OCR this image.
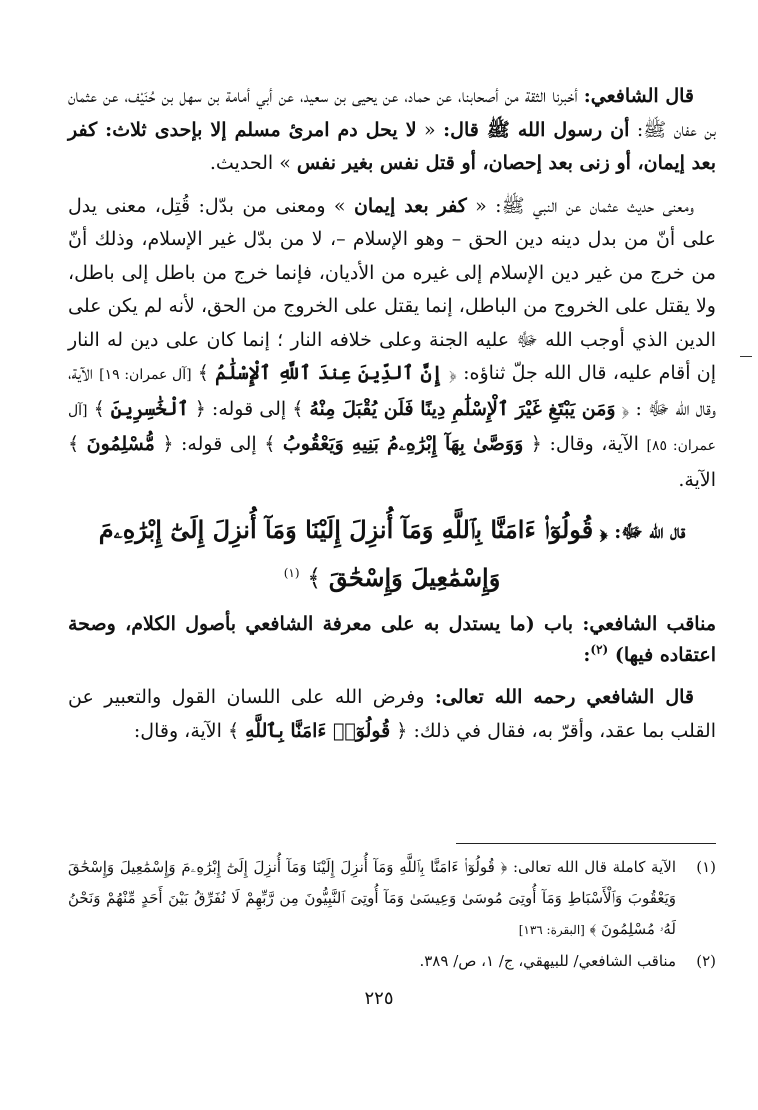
قال الشافعي: أخبرنا الثقة من أصحابنا، عن حماد، عن يحيى بن سعيد، عن أبي أمامة بن سهل بن حُنَيْف، عن عثمان بن عفان ﷺ: أن رسول الله ﷺ قال: « لا يحل دم امرئ مسلم إلا بإحدى ثلاث: كفر بعد إيمان، أو زنى بعد إحصان، أو قتل نفس بغير نفس » الحديث.

ومعنى حديث عثمان عن النبي ﷺ: « كفر بعد إيمان » ومعنى من بدّل: قُتِل، معنى يدل على أنّ من بدل دينه دين الحق – وهو الإسلام –، لا من بدّل غير الإسلام، وذلك أنّ من خرج من غير دين الإسلام إلى غيره من الأديان، فإنما خرج من باطل إلى باطل، ولا يقتل على الخروج من الباطل، إنما يقتل على الخروج من الحق، لأنه لم يكن على الدين الذي أوجب الله ﷻ عليه الجنة وعلى خلافه النار ؛ إنما كان على دين له النار إن أقام عليه، قال الله جلّ ثناؤه: ﴿ إِنَّ ٱلدِّينَ عِندَ ٱللَّهِ ٱلْإِسْلَٰمُ ﴾ [آل عمران: ١٩] الآية، وقال الله ﷻ : ﴿ وَمَن يَبْتَغِ غَيْرَ ٱلْإِسْلَٰمِ دِينًا فَلَن يُقْبَلَ مِنْهُ ﴾ إلى قوله: ﴿ ٱلْخَٰسِرِينَ ﴾ [آل عمران: ٨٥] الآية، وقال: ﴿ وَوَصَّىٰ بِهَآ إِبْرَٰهِۦمُ بَنِيهِ وَيَعْقُوبُ ﴾ إلى قوله: ﴿ مُّسْلِمُونَ ﴾ الآية.

قال الله ﷻ: ﴿ قُولُوٓا۟ ءَامَنَّا بِٱللَّهِ وَمَآ أُنزِلَ إِلَيْنَا وَمَآ أُنزِلَ إِلَىٰٓ إِبْرَٰهِۦمَ وَإِسْمَٰعِيلَ وَإِسْحَٰقَ ﴾ $^{(١)}$
مناقب الشافعي: باب (ما يستدل به على معرفة الشافعي بأصول الكلام، وصحة اعتقاده فيها) $^{(٢)}$:

قال الشافعي رحمه الله تعالى: وفرض الله على اللسان القول والتعبير عن القلب بما عقد، وأقرّ به، فقال في ذلك: ﴿ قُولُوٓا۟ ءَامَنَّا بِٱللَّهِ ﴾ الآية، وقال:

(١)
الآية كاملة قال الله تعالى: ﴿ قُولُوٓا۟ ءَامَنَّا بِٱللَّهِ وَمَآ أُنزِلَ إِلَيْنَا وَمَآ أُنزِلَ إِلَىٰٓ إِبْرَٰهِۦمَ وَإِسْمَٰعِيلَ وَإِسْحَٰقَ وَيَعْقُوبَ وَٱلْأَسْبَاطِ وَمَآ أُوتِىَ مُوسَىٰ وَعِيسَىٰ وَمَآ أُوتِىَ ٱلنَّبِيُّونَ مِن رَّبِّهِمْ لَا نُفَرِّقُ بَيْنَ أَحَدٍ مِّنْهُمْ وَنَحْنُ لَهُۥ مُسْلِمُونَ ﴾ [البقرة: ١٣٦]

(٢)
مناقب الشافعي/ للبيهقي، ج/ ١، ص/ ٣٨٩.

٢٢٥
